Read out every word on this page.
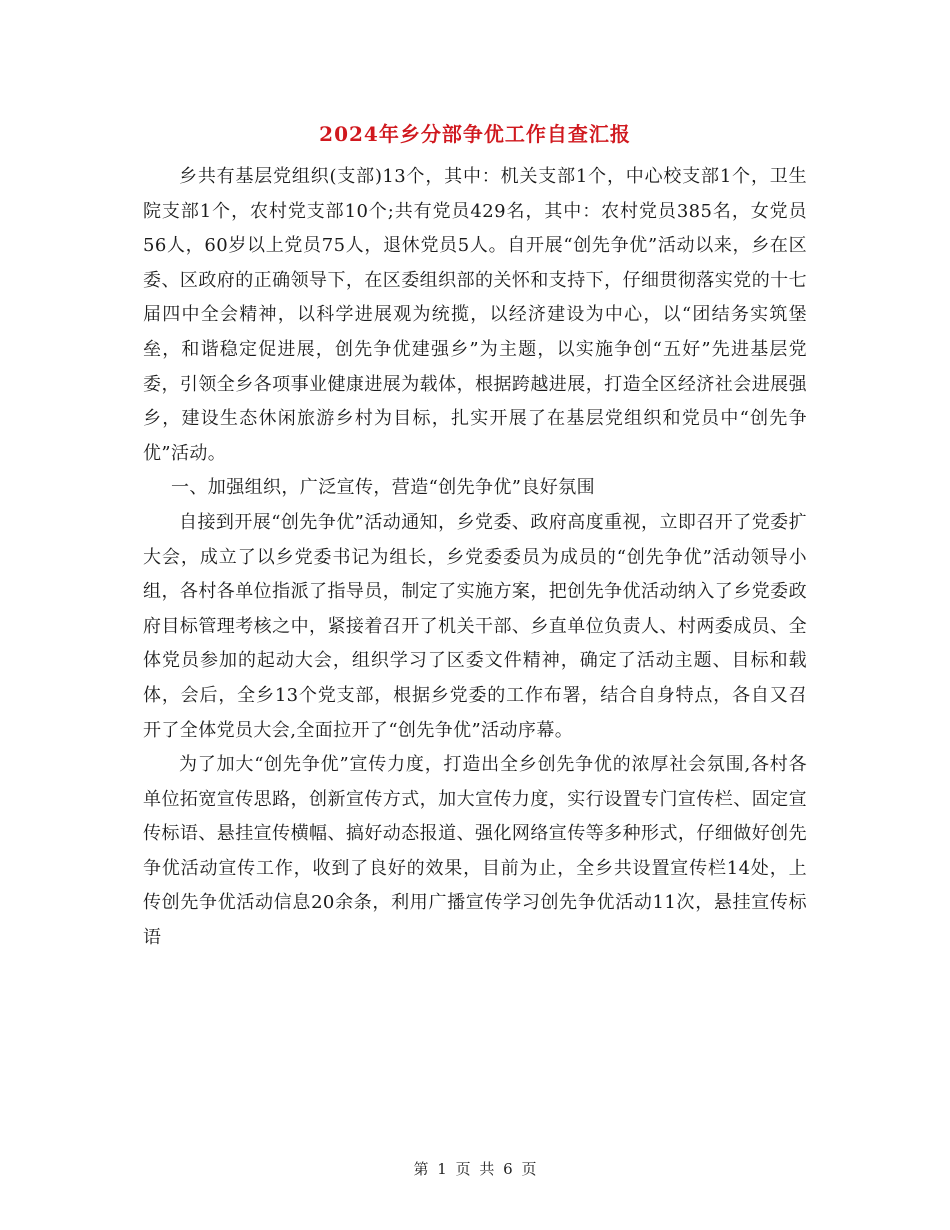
2024年乡分部争优工作自查汇报

乡共有基层党组织(支部)13个，其中：机关支部1个，中心校支部1个，卫生院支部1个，农村党支部10个;共有党员429名，其中：农村党员385名，女党员56人，60岁以上党员75人，退休党员5人。自开展“创先争优”活动以来，乡在区委、区政府的正确领导下，在区委组织部的关怀和支持下，仔细贯彻落实党的十七届四中全会精神，以科学进展观为统揽，以经济建设为中心，以“团结务实筑堡垒，和谐稳定促进展，创先争优建强乡”为主题，以实施争创“五好”先进基层党委，引领全乡各项事业健康进展为载体，根据跨越进展，打造全区经济社会进展强乡，建设生态休闲旅游乡村为目标，扎实开展了在基层党组织和党员中“创先争优”活动。

一、加强组织，广泛宣传，营造“创先争优”良好氛围

自接到开展“创先争优”活动通知，乡党委、政府高度重视，立即召开了党委扩大会，成立了以乡党委书记为组长，乡党委委员为成员的“创先争优”活动领导小组，各村各单位指派了指导员，制定了实施方案，把创先争优活动纳入了乡党委政府目标管理考核之中，紧接着召开了机关干部、乡直单位负责人、村两委成员、全体党员参加的起动大会，组织学习了区委文件精神，确定了活动主题、目标和载体，会后，全乡13个党支部，根据乡党委的工作布署，结合自身特点，各自又召开了全体党员大会,全面拉开了“创先争优”活动序幕。

为了加大“创先争优”宣传力度，打造出全乡创先争优的浓厚社会氛围,各村各单位拓宽宣传思路，创新宣传方式，加大宣传力度，实行设置专门宣传栏、固定宣传标语、悬挂宣传横幅、搞好动态报道、强化网络宣传等多种形式，仔细做好创先争优活动宣传工作，收到了良好的效果，目前为止，全乡共设置宣传栏14处，上传创先争优活动信息20余条，利用广播宣传学习创先争优活动11次，悬挂宣传标语

第 1 页 共 6 页
